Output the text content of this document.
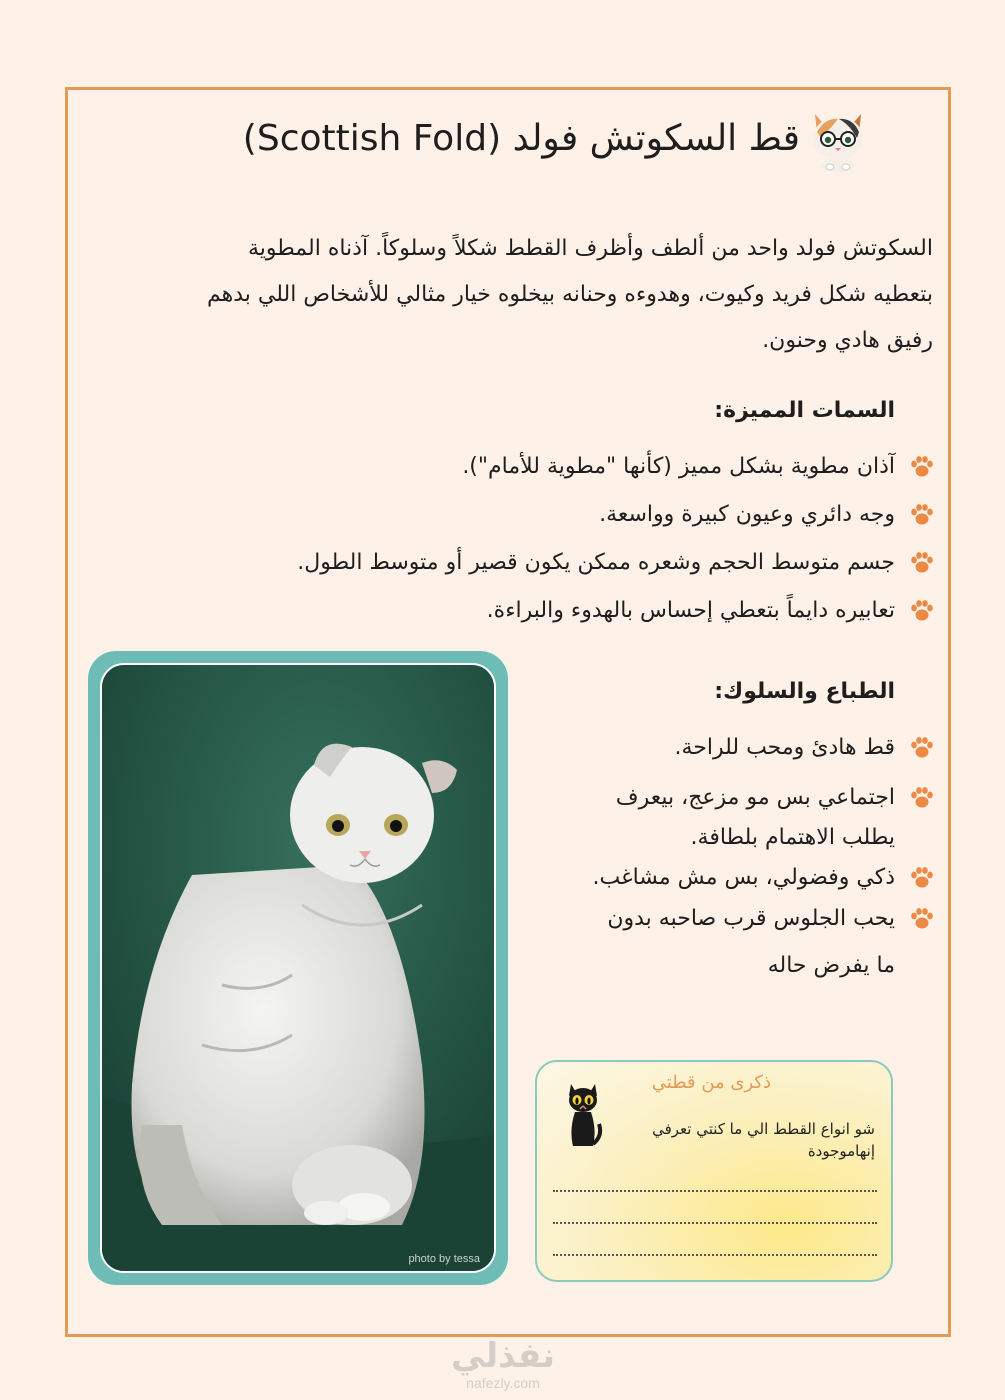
قط السكوتش فولد (Scottish Fold)

السكوتش فولد واحد من ألطف وأظرف القطط شكلاً وسلوكاً. آذناه المطوية بتعطيه شكل فريد وكيوت، وهدوءه وحنانه بيخلوه خيار مثالي للأشخاص اللي بدهم رفيق هادي وحنون.

السمات المميزة:
آذان مطوية بشكل مميز (كأنها "مطوية للأمام").
وجه دائري وعيون كبيرة وواسعة.
جسم متوسط الحجم وشعره ممكن يكون قصير أو متوسط الطول.
تعابيره دايماً بتعطي إحساس بالهدوء والبراءة.
photo by tessa
الطباع والسلوك:
قط هادئ ومحب للراحة.
اجتماعي بس مو مزعج، بيعرف يطلب الاهتمام بلطافة.
ذكي وفضولي، بس مش مشاغب.
يحب الجلوس قرب صاحبه بدون
ما يفرض حاله
ذكرى من قطتي
شو انواع القطط الي ما كنتي تعرفي إنهاموجودة
نفذلي
nafezly.com
